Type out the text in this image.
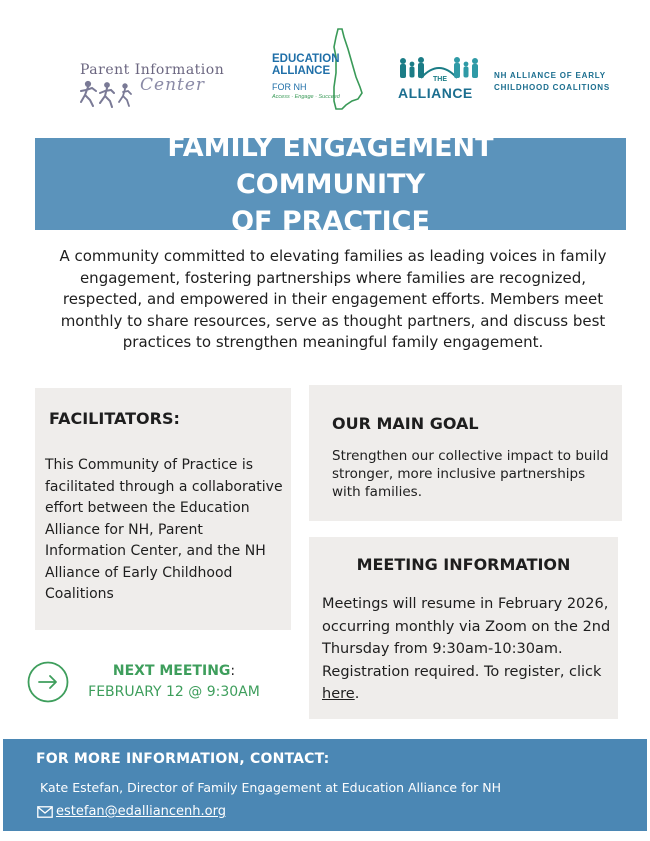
Parent Information
Center
EDUCATION
ALLIANCE
FOR NH
Access · Engage · Succeed
THE
ALLIANCE
NH ALLIANCE OF EARLY
CHILDHOOD COALITIONS
FAMILY ENGAGEMENT COMMUNITY
OF PRACTICE

A community committed to elevating families as leading voices in family engagement, fostering partnerships where families are recognized, respected, and empowered in their engagement efforts. Members meet monthly to share resources, serve as thought partners, and discuss best practices to strengthen meaningful family engagement.

FACILITATORS:

This Community of Practice is facilitated through a collaborative effort between the Education Alliance for NH, Parent Information Center, and the NH Alliance of Early Childhood Coalitions

OUR MAIN GOAL

Strengthen our collective impact to build stronger, more inclusive partnerships with families.

MEETING INFORMATION

Meetings will resume in February 2026, occurring monthly via Zoom on the 2nd Thursday from 9:30am-10:30am. Registration required. To register, click here.

NEXT MEETING:
FEBRUARY 12 @ 9:30AM
FOR MORE INFORMATION, CONTACT:
Kate Estefan, Director of Family Engagement at Education Alliance for NH
estefan@edalliancenh.org
